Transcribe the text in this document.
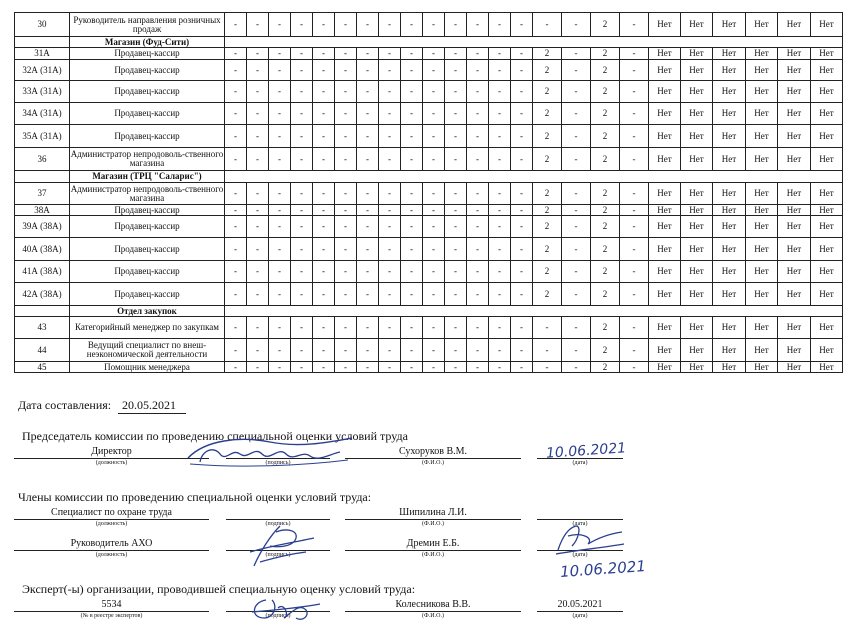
30	Руководитель направления розничных продаж	-	-	-	-	-	-	-	-	-	-	-	-	-	-	-	-	2	-	Нет	Нет	Нет	Нет	Нет	Нет
	Магазин (Фуд-Сити)																								
31А	Продавец-кассир	-	-	-	-	-	-	-	-	-	-	-	-	-	-	2	-	2	-	Нет	Нет	Нет	Нет	Нет	Нет
32А (31А)	Продавец-кассир	-	-	-	-	-	-	-	-	-	-	-	-	-	-	2	-	2	-	Нет	Нет	Нет	Нет	Нет	Нет
33А (31А)	Продавец-кассир	-	-	-	-	-	-	-	-	-	-	-	-	-	-	2	-	2	-	Нет	Нет	Нет	Нет	Нет	Нет
34А (31А)	Продавец-кассир	-	-	-	-	-	-	-	-	-	-	-	-	-	-	2	-	2	-	Нет	Нет	Нет	Нет	Нет	Нет
35А (31А)	Продавец-кассир	-	-	-	-	-	-	-	-	-	-	-	-	-	-	2	-	2	-	Нет	Нет	Нет	Нет	Нет	Нет
36	Администратор непродоволь-ственного магазина	-	-	-	-	-	-	-	-	-	-	-	-	-	-	2	-	2	-	Нет	Нет	Нет	Нет	Нет	Нет
	Магазин (ТРЦ "Саларис")																								
37	Администратор непродоволь-ственного магазина	-	-	-	-	-	-	-	-	-	-	-	-	-	-	2	-	2	-	Нет	Нет	Нет	Нет	Нет	Нет
38А	Продавец-кассир	-	-	-	-	-	-	-	-	-	-	-	-	-	-	2	-	2	-	Нет	Нет	Нет	Нет	Нет	Нет
39А (38А)	Продавец-кассир	-	-	-	-	-	-	-	-	-	-	-	-	-	-	2	-	2	-	Нет	Нет	Нет	Нет	Нет	Нет
40А (38А)	Продавец-кассир	-	-	-	-	-	-	-	-	-	-	-	-	-	-	2	-	2	-	Нет	Нет	Нет	Нет	Нет	Нет
41А (38А)	Продавец-кассир	-	-	-	-	-	-	-	-	-	-	-	-	-	-	2	-	2	-	Нет	Нет	Нет	Нет	Нет	Нет
42А (38А)	Продавец-кассир	-	-	-	-	-	-	-	-	-	-	-	-	-	-	2	-	2	-	Нет	Нет	Нет	Нет	Нет	Нет
	Отдел закупок																								
43	Категорийный менеджер по закупкам	-	-	-	-	-	-	-	-	-	-	-	-	-	-	-	-	2	-	Нет	Нет	Нет	Нет	Нет	Нет
44	Ведущий специалист по внеш-неэкономической деятельности	-	-	-	-	-	-	-	-	-	-	-	-	-	-	-	-	2	-	Нет	Нет	Нет	Нет	Нет	Нет
45	Помощник менеджера	-	-	-	-	-	-	-	-	-	-	-	-	-	-	-	-	2	-	Нет	Нет	Нет	Нет	Нет	Нет
Дата составления: 20.05.2021
Председатель комиссии по проведению специальной оценки условий труда
Директор
(должность)	(подпись)
Сухоруков В.М.
(Ф.И.О.)	(дата)
10.06.2021
Члены комиссии по проведению специальной оценки условий труда:
Специалист по охране труда
(должность)	(подпись)
Шипилина Л.И.
(Ф.И.О.)	(дата)
Руководитель АХО
(должность)	(подпись)
Дремин Е.Б.
(Ф.И.О.)	(дата)
10.06.2021
Эксперт(-ы) организации, проводившей специальную оценку условий труда:
5534
(№ в реестре экспертов)	(подпись)
Колесникова В.В.
(Ф.И.О.)
20.05.2021
(дата)
